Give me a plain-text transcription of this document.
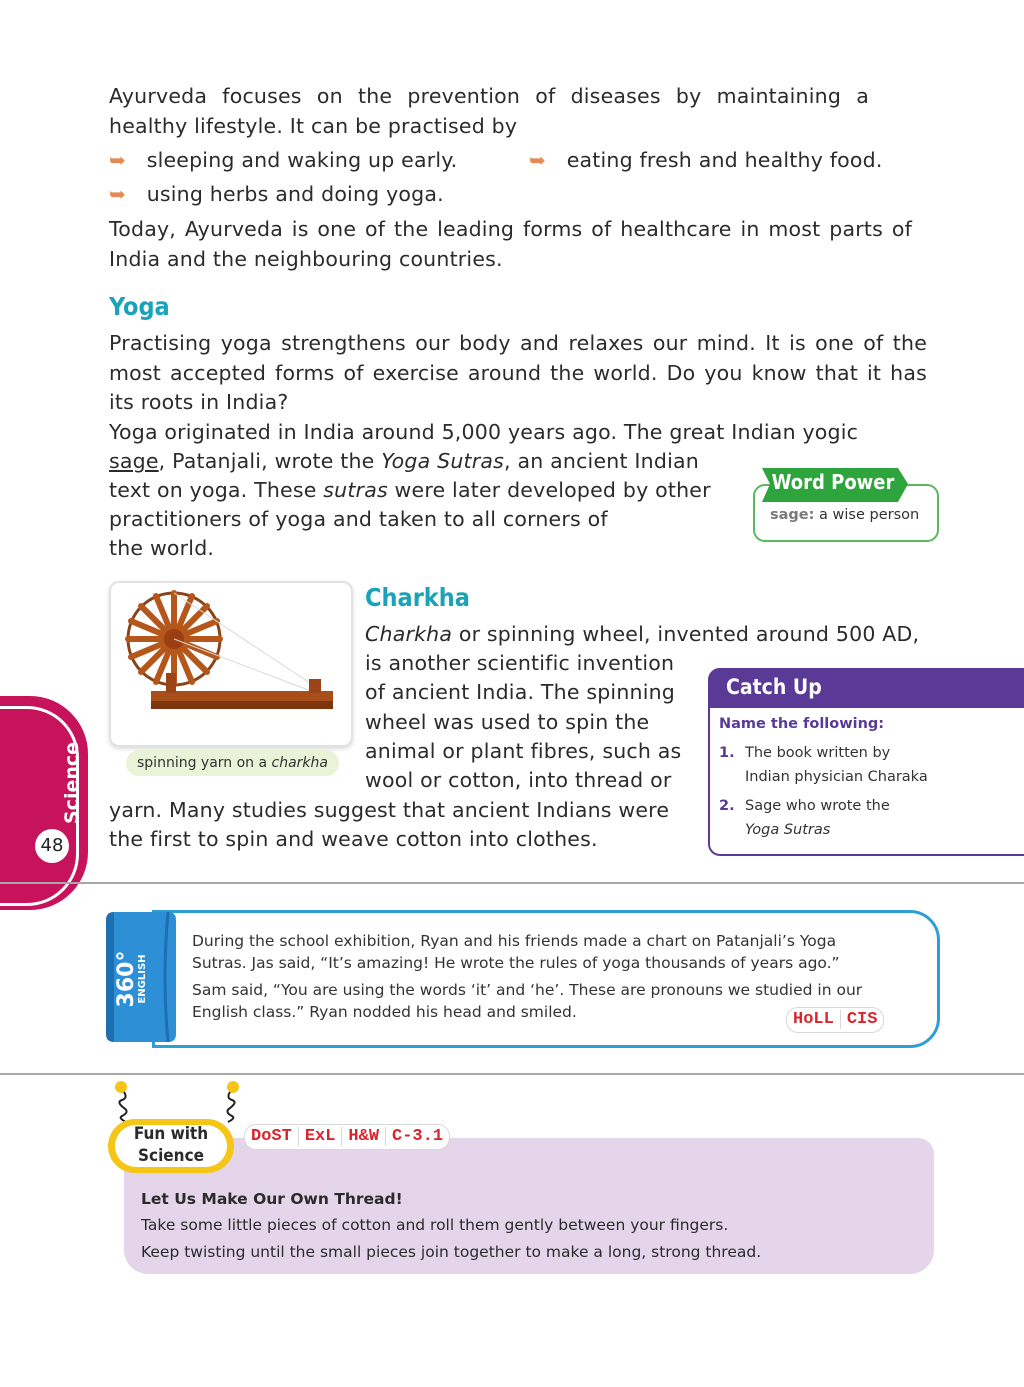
Ayurveda focuses on the prevention of diseases by maintaining a healthy lifestyle. It can be practised by
➥ sleeping and waking up early.	➥ eating fresh and healthy food.
➥ using herbs and doing yoga.
Today, Ayurveda is one of the leading forms of healthcare in most parts of India and the neighbouring countries.
Yoga
Practising yoga strengthens our body and relaxes our mind. It is one of the most accepted forms of exercise around the world. Do you know that it has its roots in India?
Yoga originated in India around 5,000 years ago. The great Indian yogic
sage, Patanjali, wrote the Yoga Sutras, an ancient Indian
text on yoga. These sutras were later developed by other
practitioners of yoga and taken to all corners of
the world.
Word Power
sage: a wise person
spinning yarn on a charkha
Charkha
Charkha or spinning wheel, invented around 500 AD,
is another scientific invention
of ancient India. The spinning
wheel was used to spin the
animal or plant fibres, such as
wool or cotton, into thread or
yarn. Many studies suggest that ancient Indians were
the first to spin and weave cotton into clothes.
Catch Up
Name the following:
1. The book written by
Indian physician Charaka
2. Sage who wrote the
Yoga Sutras
Science
48
360°
ENGLISH
During the school exhibition, Ryan and his friends made a chart on Patanjali’s Yoga
Sutras. Jas said, “It’s amazing! He wrote the rules of yoga thousands of years ago.”
Sam said, “You are using the words ‘it’ and ‘he’. These are pronouns we studied in our
English class.” Ryan nodded his head and smiled.	HoLL CIS
Fun with
Science
DoST ExL H&W C-3.1
Let Us Make Our Own Thread!
Take some little pieces of cotton and roll them gently between your fingers.
Keep twisting until the small pieces join together to make a long, strong thread.
